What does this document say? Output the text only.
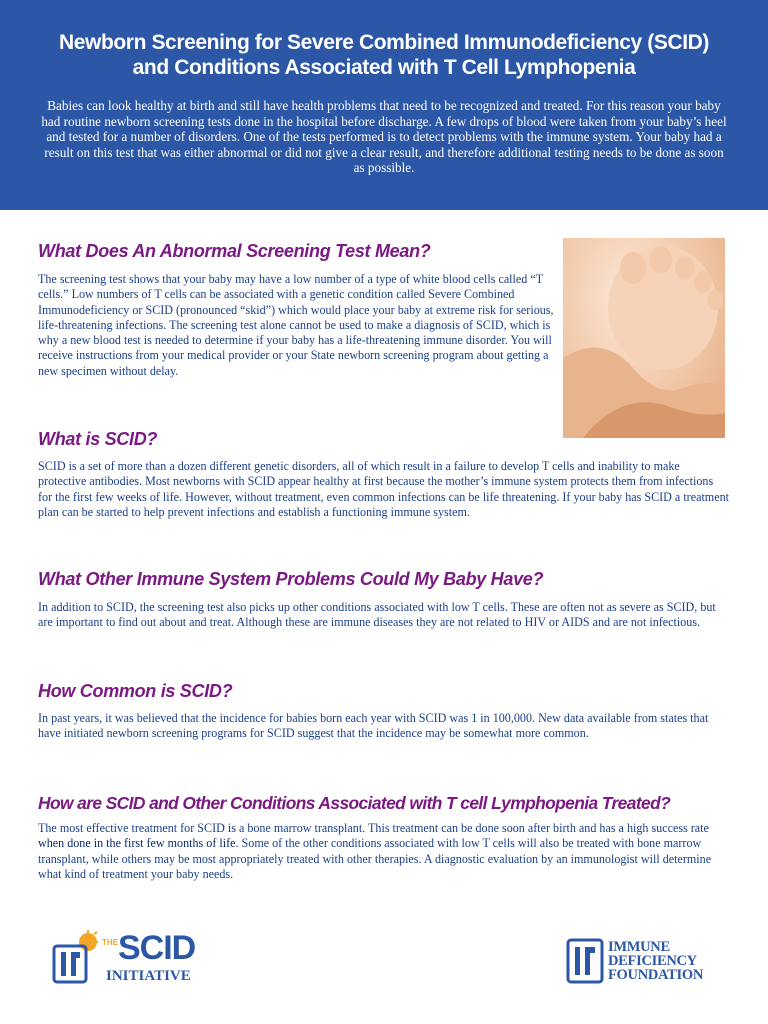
Newborn Screening for Severe Combined Immunodeficiency (SCID)
and Conditions Associated with T Cell Lymphopenia

Babies can look healthy at birth and still have health problems that need to be recognized and treated. For this reason your baby had routine newborn screening tests done in the hospital before discharge. A few drops of blood were taken from your baby’s heel and tested for a number of disorders. One of the tests performed is to detect problems with the immune system. Your baby had a result on this test that was either abnormal or did not give a clear result, and therefore additional testing needs to be done as soon as possible.

What Does An Abnormal Screening Test Mean?

The screening test shows that your baby may have a low number of a type of white blood cells called “T cells.” Low numbers of T cells can be associated with a genetic condition called Severe Combined Immunodeficiency or SCID (pronounced “skid”) which would place your baby at extreme risk for serious, life-threatening infections. The screening test alone cannot be used to make a diagnosis of SCID, which is why a new blood test is needed to determine if your baby has a life-threatening immune disorder. You will receive instructions from your medical provider or your State newborn screening program about getting a new specimen without delay.

What is SCID?

SCID is a set of more than a dozen different genetic disorders, all of which result in a failure to develop T cells and inability to make protective antibodies. Most newborns with SCID appear healthy at first because the mother’s immune system protects them from infections for the first few weeks of life. However, without treatment, even common infections can be life threatening. If your baby has SCID a treatment plan can be started to help prevent infections and establish a functioning immune system.

What Other Immune System Problems Could My Baby Have?

In addition to SCID, the screening test also picks up other conditions associated with low T cells. These are often not as severe as SCID, but are important to find out about and treat. Although these are immune diseases they are not related to HIV or AIDS and are not infectious.

How Common is SCID?

In past years, it was believed that the incidence for babies born each year with SCID was 1 in 100,000. New data available from states that have initiated newborn screening programs for SCID suggest that the incidence may be somewhat more common.

How are SCID and Other Conditions Associated with T cell Lymphopenia Treated?

The most effective treatment for SCID is a bone marrow transplant. This treatment can be done soon after birth and has a high success rate when done in the first few months of life. Some of the other conditions associated with low T cells will also be treated with bone marrow transplant, while others may be most appropriately treated with other therapies. A diagnostic evaluation by an immunologist will determine what kind of treatment your baby needs.

THE SCID
INITIATIVE
IMMUNE
DEFICIENCY
FOUNDATION
